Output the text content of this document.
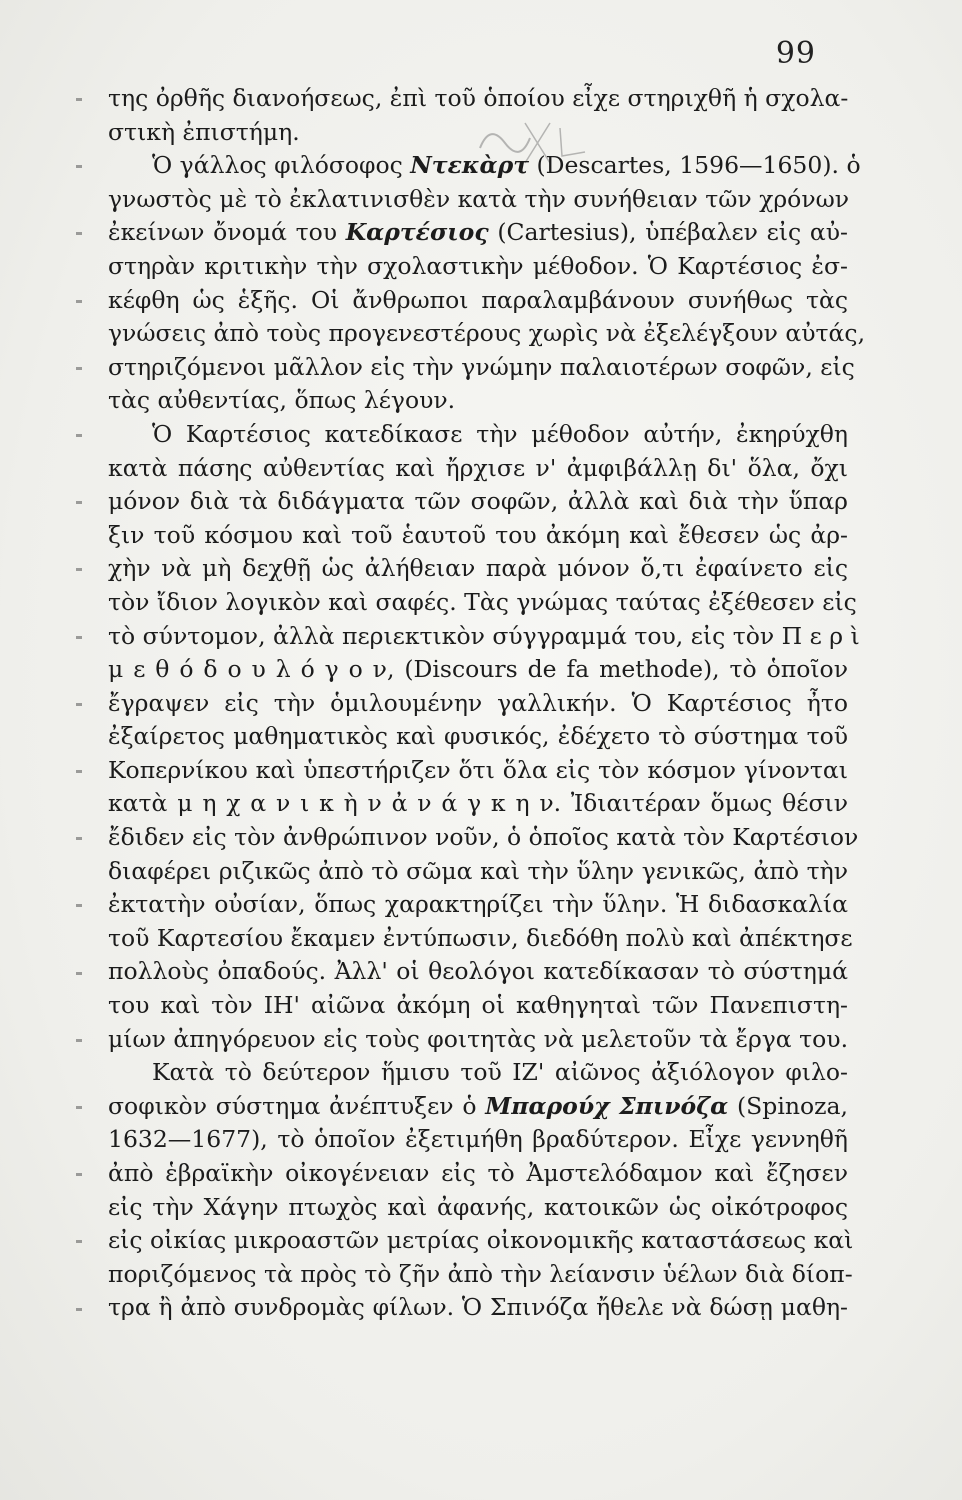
99
της ὀρθῆς διανοήσεως, ἐπὶ τοῦ ὁποίου εἶχε στηριχθῆ ἡ σχολα-
στικὴ ἐπιστήμη.
Ὁ γάλλος φιλόσοφος Ντεκὰρτ (Descartes, 1596—1650). ὁ
γνωστὸς μὲ τὸ ἐκλατινισθὲν κατὰ τὴν συνήθειαν τῶν χρόνων
ἐκείνων ὄνομά του Καρτέσιος (Cartesius), ὑπέβαλεν εἰς αὐ-
στηρὰν κριτικὴν τὴν σχολαστικὴν μέθοδον. Ὁ Καρτέσιος ἐσ-
κέφθη ὡς ἑξῆς. Οἱ ἄνθρωποι παραλαμβάνουν συνήθως τὰς
γνώσεις ἀπὸ τοὺς προγενεστέρους χωρὶς νὰ ἐξελέγξουν αὐτάς,
στηριζόμενοι μᾶλλον εἰς τὴν γνώμην παλαιοτέρων σοφῶν, εἰς
τὰς αὐθεντίας, ὅπως λέγουν.
Ὁ Καρτέσιος κατεδίκασε τὴν μέθοδον αὐτήν, ἐκηρύχθη
κατὰ πάσης αὐθεντίας καὶ ἤρχισε ν' ἀμφιβάλλῃ δι' ὅλα, ὄχι
μόνον διὰ τὰ διδάγματα τῶν σοφῶν, ἀλλὰ καὶ διὰ τὴν ὕπαρ
ξιν τοῦ κόσμου καὶ τοῦ ἑαυτοῦ του ἀκόμη καὶ ἔθεσεν ὡς ἀρ-
χὴν νὰ μὴ δεχθῇ ὡς ἀλήθειαν παρὰ μόνον ὅ,τι ἐφαίνετο εἰς
τὸν ἴδιον λογικὸν καὶ σαφές. Τὰς γνώμας ταύτας ἐξέθεσεν εἰς
τὸ σύντομον, ἀλλὰ περιεκτικὸν σύγγραμμά του, εἰς τὸν Π ε ρ ὶ
μ ε θ ό δ ο υ λ ό γ ο ν, (Discours de fa methode), τὸ ὁποῖον
ἔγραψεν εἰς τὴν ὁμιλουμένην γαλλικήν. Ὁ Καρτέσιος ἦτο
ἐξαίρετος μαθηματικὸς καὶ φυσικός, ἐδέχετο τὸ σύστημα τοῦ
Κοπερνίκου καὶ ὑπεστήριζεν ὅτι ὅλα εἰς τὸν κόσμον γίνονται
κατὰ μ η χ α ν ι κ ὴ ν ἀ ν ά γ κ η ν. Ἰδιαιτέραν ὅμως θέσιν
ἔδιδεν εἰς τὸν ἀνθρώπινον νοῦν, ὁ ὁποῖος κατὰ τὸν Καρτέσιον
διαφέρει ριζικῶς ἀπὸ τὸ σῶμα καὶ τὴν ὕλην γενικῶς, ἀπὸ τὴν
ἐκτατὴν οὐσίαν, ὅπως χαρακτηρίζει τὴν ὕλην. Ἡ διδασκαλία
τοῦ Καρτεσίου ἔκαμεν ἐντύπωσιν, διεδόθη πολὺ καὶ ἀπέκτησε
πολλοὺς ὀπαδούς. Ἀλλ' οἱ θεολόγοι κατεδίκασαν τὸ σύστημά
του καὶ τὸν ΙΗ' αἰῶνα ἀκόμη οἱ καθηγηταὶ τῶν Πανεπιστη-
μίων ἀπηγόρευον εἰς τοὺς φοιτητὰς νὰ μελετοῦν τὰ ἔργα του.
Κατὰ τὸ δεύτερον ἥμισυ τοῦ ΙΖ' αἰῶνος ἀξιόλογον φιλο-
σοφικὸν σύστημα ἀνέπτυξεν ὁ Μπαρούχ Σπινόζα (Spinoza,
1632—1677), τὸ ὁποῖον ἐξετιμήθη βραδύτερον. Εἶχε γεννηθῆ
ἀπὸ ἑβραϊκὴν οἰκογένειαν εἰς τὸ Ἀμστελόδαμον καὶ ἔζησεν
εἰς τὴν Χάγην πτωχὸς καὶ ἀφανής, κατοικῶν ὡς οἰκότροφος
εἰς οἰκίας μικροαστῶν μετρίας οἰκονομικῆς καταστάσεως καὶ
ποριζόμενος τὰ πρὸς τὸ ζῆν ἀπὸ τὴν λείανσιν ὑέλων διὰ δίοπ-
τρα ἢ ἀπὸ συνδρομὰς φίλων. Ὁ Σπινόζα ἤθελε νὰ δώσῃ μαθη-
